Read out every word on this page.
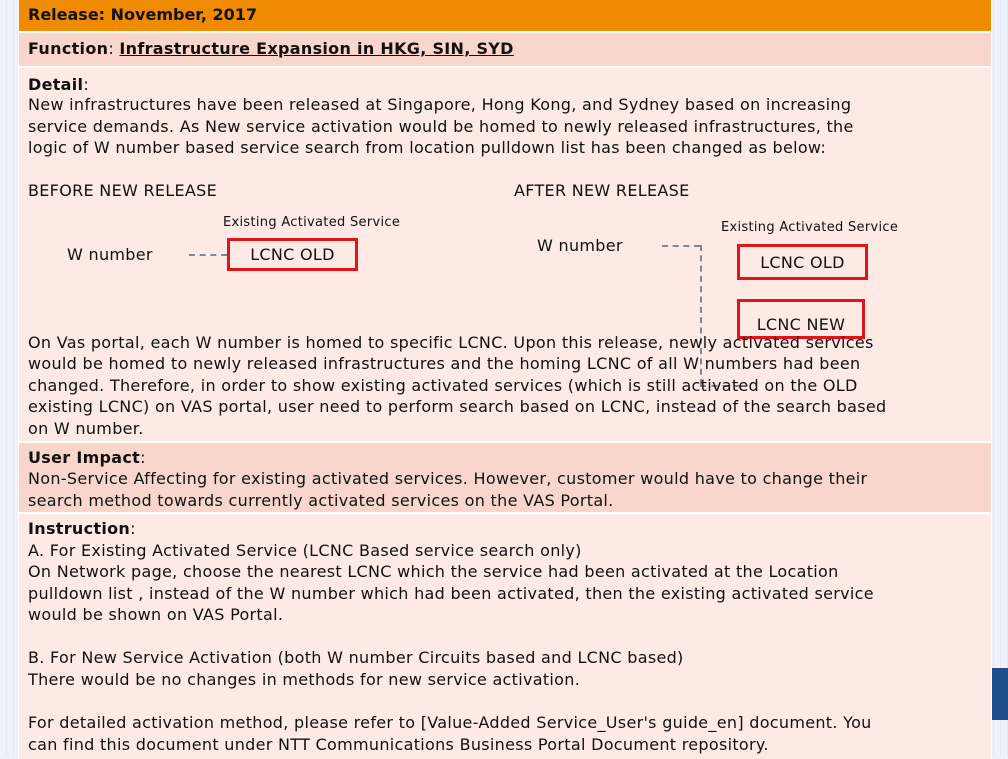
Release: November, 2017
Function: Infrastructure Expansion in HKG, SIN, SYD
Detail:
New infrastructures have been released at Singapore, Hong Kong, and Sydney based on increasing
service demands. As New service activation would be homed to newly released infrastructures, the
logic of W number based service search from location pulldown list has been changed as below:
BEFORE NEW RELEASE	AFTER NEW RELEASE
Existing Activated Service
W number	LCNC OLD
Existing Activated Service
W number
LCNC OLD
LCNC NEW
On Vas portal, each W number is homed to specific LCNC. Upon this release, newly activated services
would be homed to newly released infrastructures and the homing LCNC of all W numbers had been
changed. Therefore, in order to show existing activated services (which is still activated on the OLD
existing LCNC) on VAS portal, user need to perform search based on LCNC, instead of the search based
on W number.
User Impact:
Non-Service Affecting for existing activated services. However, customer would have to change their
search method towards currently activated services on the VAS Portal.
Instruction:
A. For Existing Activated Service (LCNC Based service search only)
On Network page, choose the nearest LCNC which the service had been activated at the Location
pulldown list , instead of the W number which had been activated, then the existing activated service
would be shown on VAS Portal.
B. For New Service Activation (both W number Circuits based and LCNC based)
There would be no changes in methods for new service activation.
For detailed activation method, please refer to [Value-Added Service_User's guide_en] document. You
can find this document under NTT Communications Business Portal Document repository.
